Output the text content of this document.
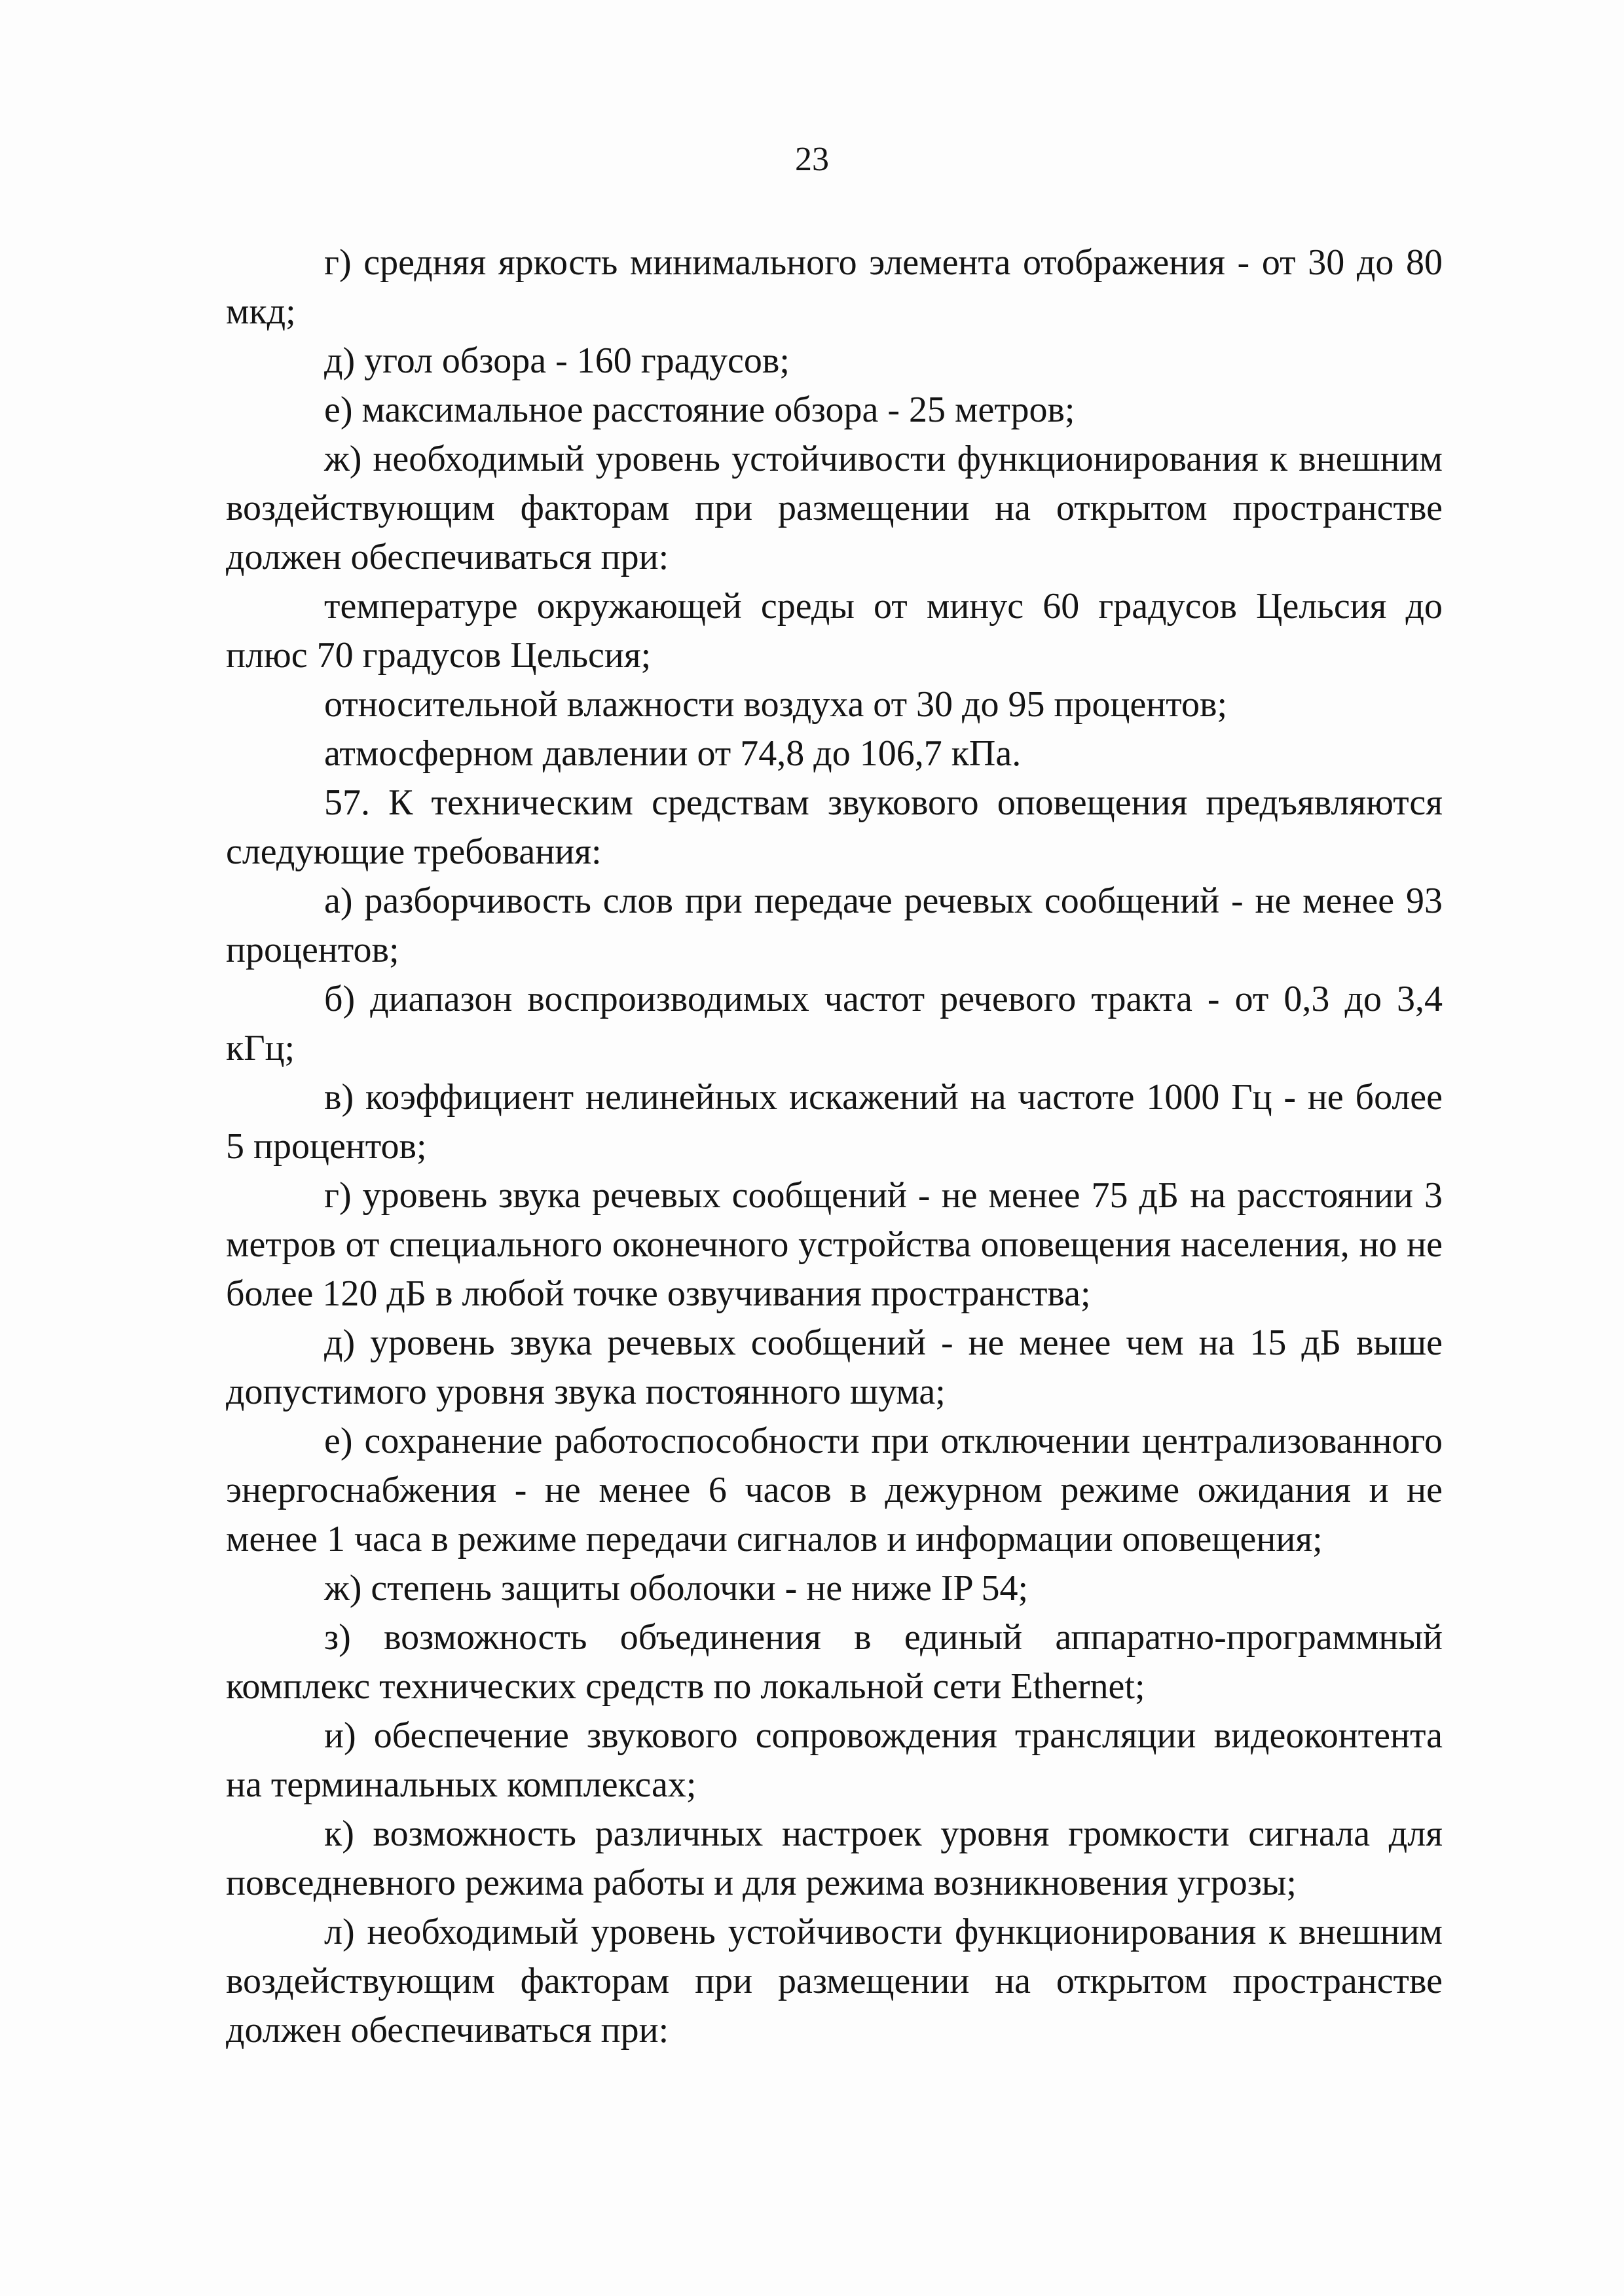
23

г) средняя яркость минимального элемента отображения - от 30 до 80 мкд;

д) угол обзора - 160 градусов;

е) максимальное расстояние обзора - 25 метров;

ж) необходимый уровень устойчивости функционирования к внешним воздействующим факторам при размещении на открытом пространстве должен обеспечиваться при:

температуре окружающей среды от минус 60 градусов Цельсия до плюс 70 градусов Цельсия;

относительной влажности воздуха от 30 до 95 процентов;

атмосферном давлении от 74,8 до 106,7 кПа.

57. К техническим средствам звукового оповещения предъявляются следующие требования:

а) разборчивость слов при передаче речевых сообщений - не менее 93 процентов;

б) диапазон воспроизводимых частот речевого тракта - от 0,3 до 3,4 кГц;

в) коэффициент нелинейных искажений на частоте 1000 Гц - не более 5 процентов;

г) уровень звука речевых сообщений - не менее 75 дБ на расстоянии 3 метров от специального оконечного устройства оповещения населения, но не более 120 дБ в любой точке озвучивания пространства;

д) уровень звука речевых сообщений - не менее чем на 15 дБ выше допустимого уровня звука постоянного шума;

е) сохранение работоспособности при отключении централизованного энергоснабжения - не менее 6 часов в дежурном режиме ожидания и не менее 1 часа в режиме передачи сигналов и информации оповещения;

ж) степень защиты оболочки - не ниже IP 54;

з) возможность объединения в единый аппаратно-программный комплекс технических средств по локальной сети Ethernet;

и) обеспечение звукового сопровождения трансляции видеоконтента на терминальных комплексах;

к) возможность различных настроек уровня громкости сигнала для повседневного режима работы и для режима возникновения угрозы;

л) необходимый уровень устойчивости функционирования к внешним воздействующим факторам при размещении на открытом пространстве должен обеспечиваться при:
